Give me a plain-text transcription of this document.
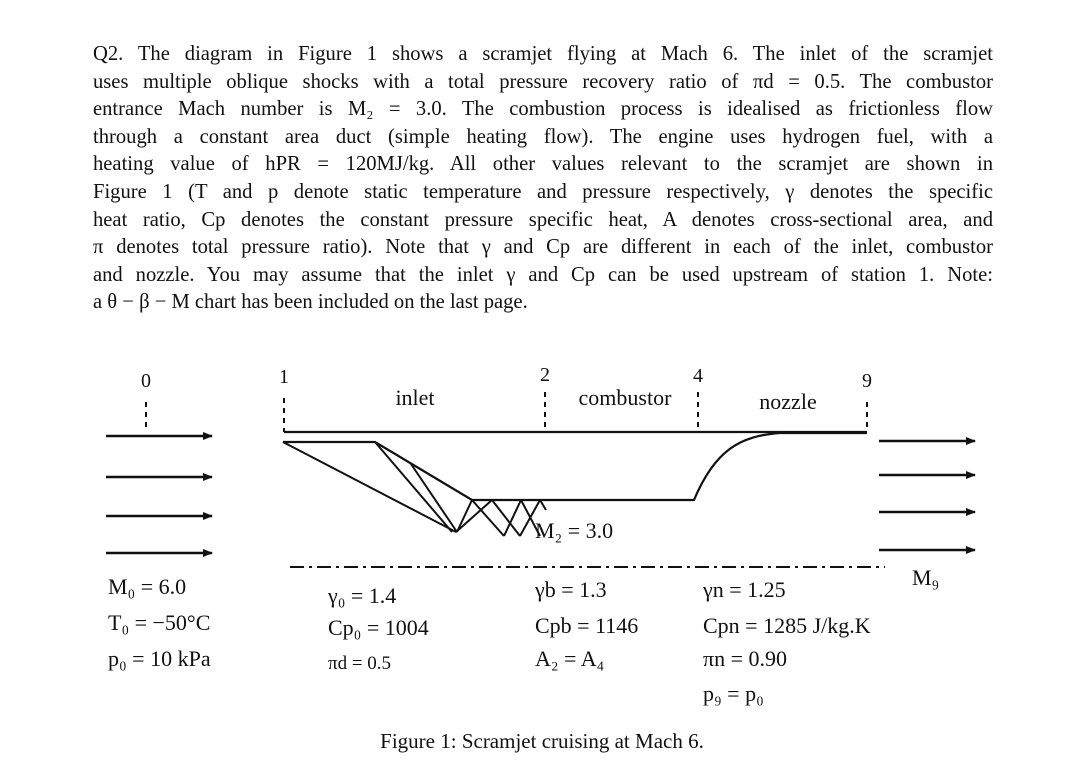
Q2. The diagram in Figure 1 shows a scramjet flying at Mach 6. The inlet of the scramjet
uses multiple oblique shocks with a total pressure recovery ratio of πd = 0.5. The combustor
entrance Mach number is M₂ = 3.0. The combustion process is idealised as frictionless flow
through a constant area duct (simple heating flow). The engine uses hydrogen fuel, with a
heating value of hPR = 120MJ/kg. All other values relevant to the scramjet are shown in
Figure 1 (T and p denote static temperature and pressure respectively, γ denotes the specific
heat ratio, Cp denotes the constant pressure specific heat, A denotes cross-sectional area, and
π denotes total pressure ratio). Note that γ and Cp are different in each of the inlet, combustor
and nozzle. You may assume that the inlet γ and Cp can be used upstream of station 1. Note:
a θ − β − M chart has been included on the last page.
0	1	2	4	9
inlet	combustor	nozzle
M₂ = 3.0
M₉
M₀ = 6.0
T₀ = −50°C
p₀ = 10 kPa
γ₀ = 1.4
Cp₀ = 1004
πd = 0.5
γb = 1.3
Cpb = 1146
A₂ = A₄
γn = 1.25
Cpn = 1285 J/kg.K
πn = 0.90
p₉ = p₀
Figure 1: Scramjet cruising at Mach 6.
